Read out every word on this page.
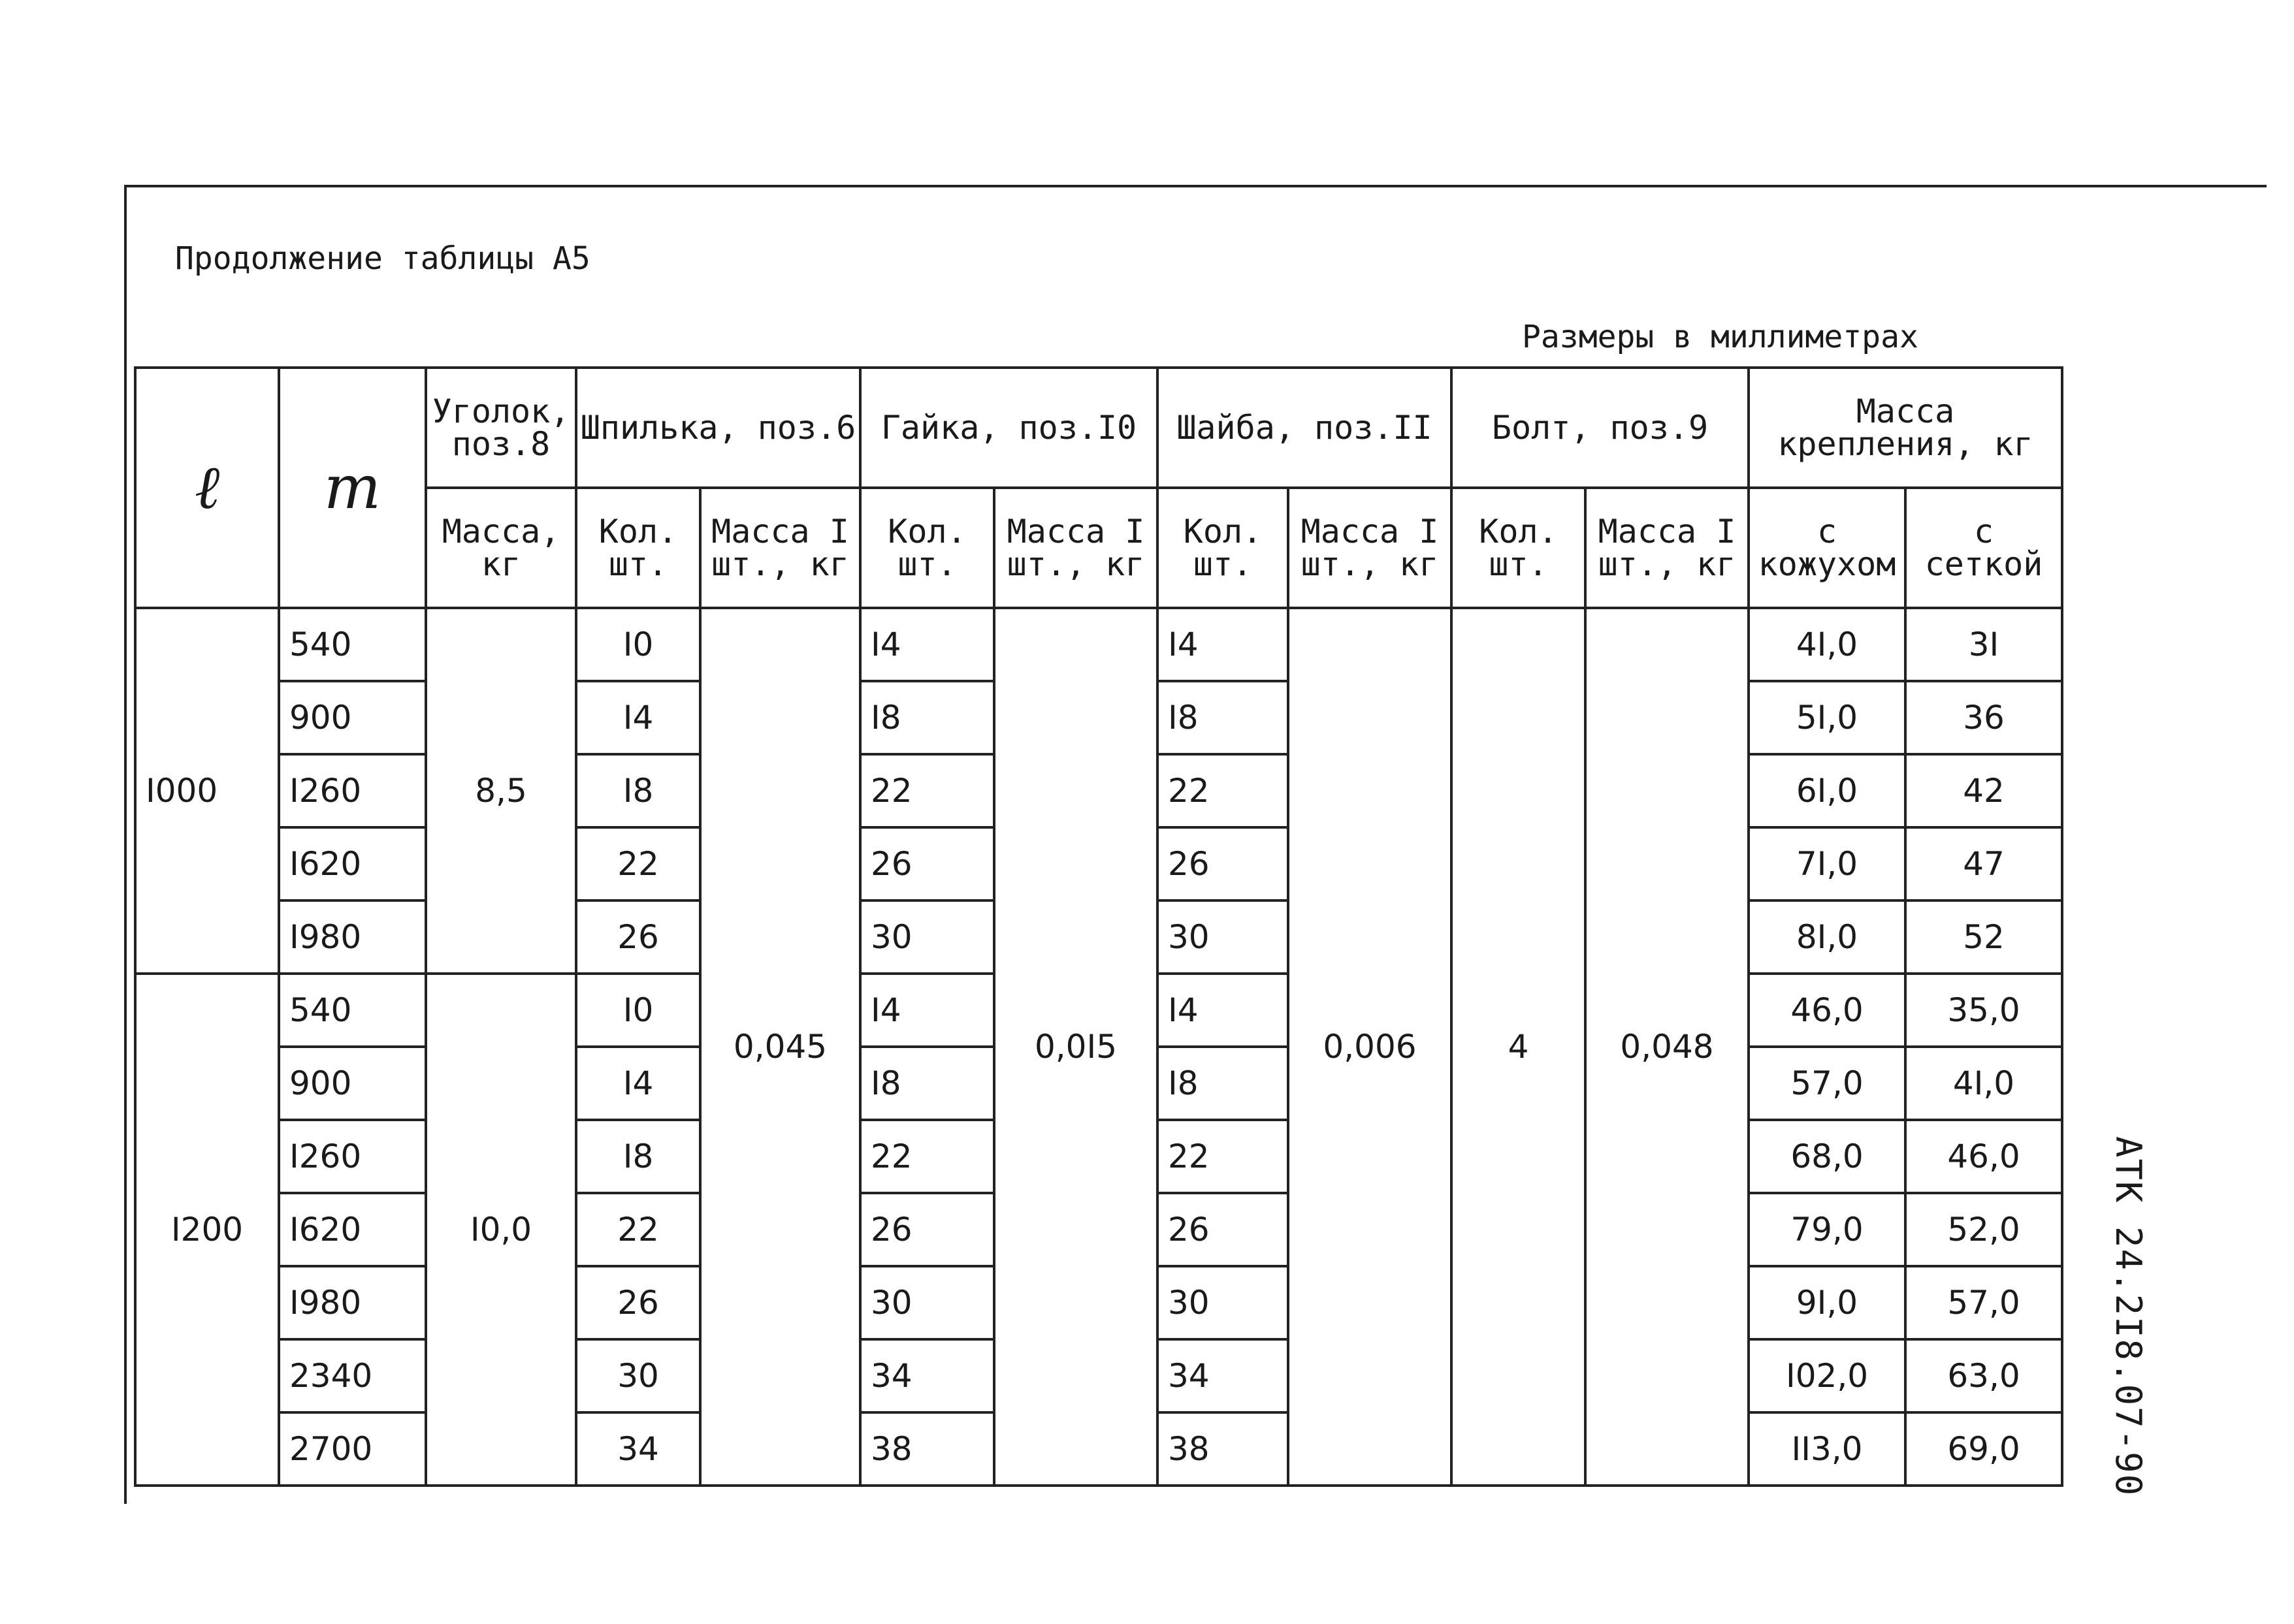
Продолжение таблицы А5
Размеры в миллиметрах
АТК 24.2I8.07-90
ℓ	m	Уголок, поз.8	Шпилька, поз.6		Гайка, поз.I0		Шайба, поз.II		Болт, поз.9		Масса крепления, кг	
		Масса, кг	Кол. шт.	Масса I шт., кг	Кол. шт.	Масса I шт., кг	Кол. шт.	Масса I шт., кг	Кол. шт.	Масса I шт., кг	с кожухом	с сеткой
I000	540	8,5	I0	0,045	I4	0,0I5	I4	0,006	4	0,048	4I,0	3I
	900		I4		I8		I8				5I,0	36
	I260		I8		22		22				6I,0	42
	I620		22		26		26				7I,0	47
	I980		26		30		30				8I,0	52
I200	540	I0,0	I0		I4		I4				46,0	35,0
	900		I4		I8		I8				57,0	4I,0
	I260		I8		22		22				68,0	46,0
	I620		22		26		26				79,0	52,0
	I980		26		30		30				9I,0	57,0
	2340		30		34		34				I02,0	63,0
	2700		34		38		38				II3,0	69,0
